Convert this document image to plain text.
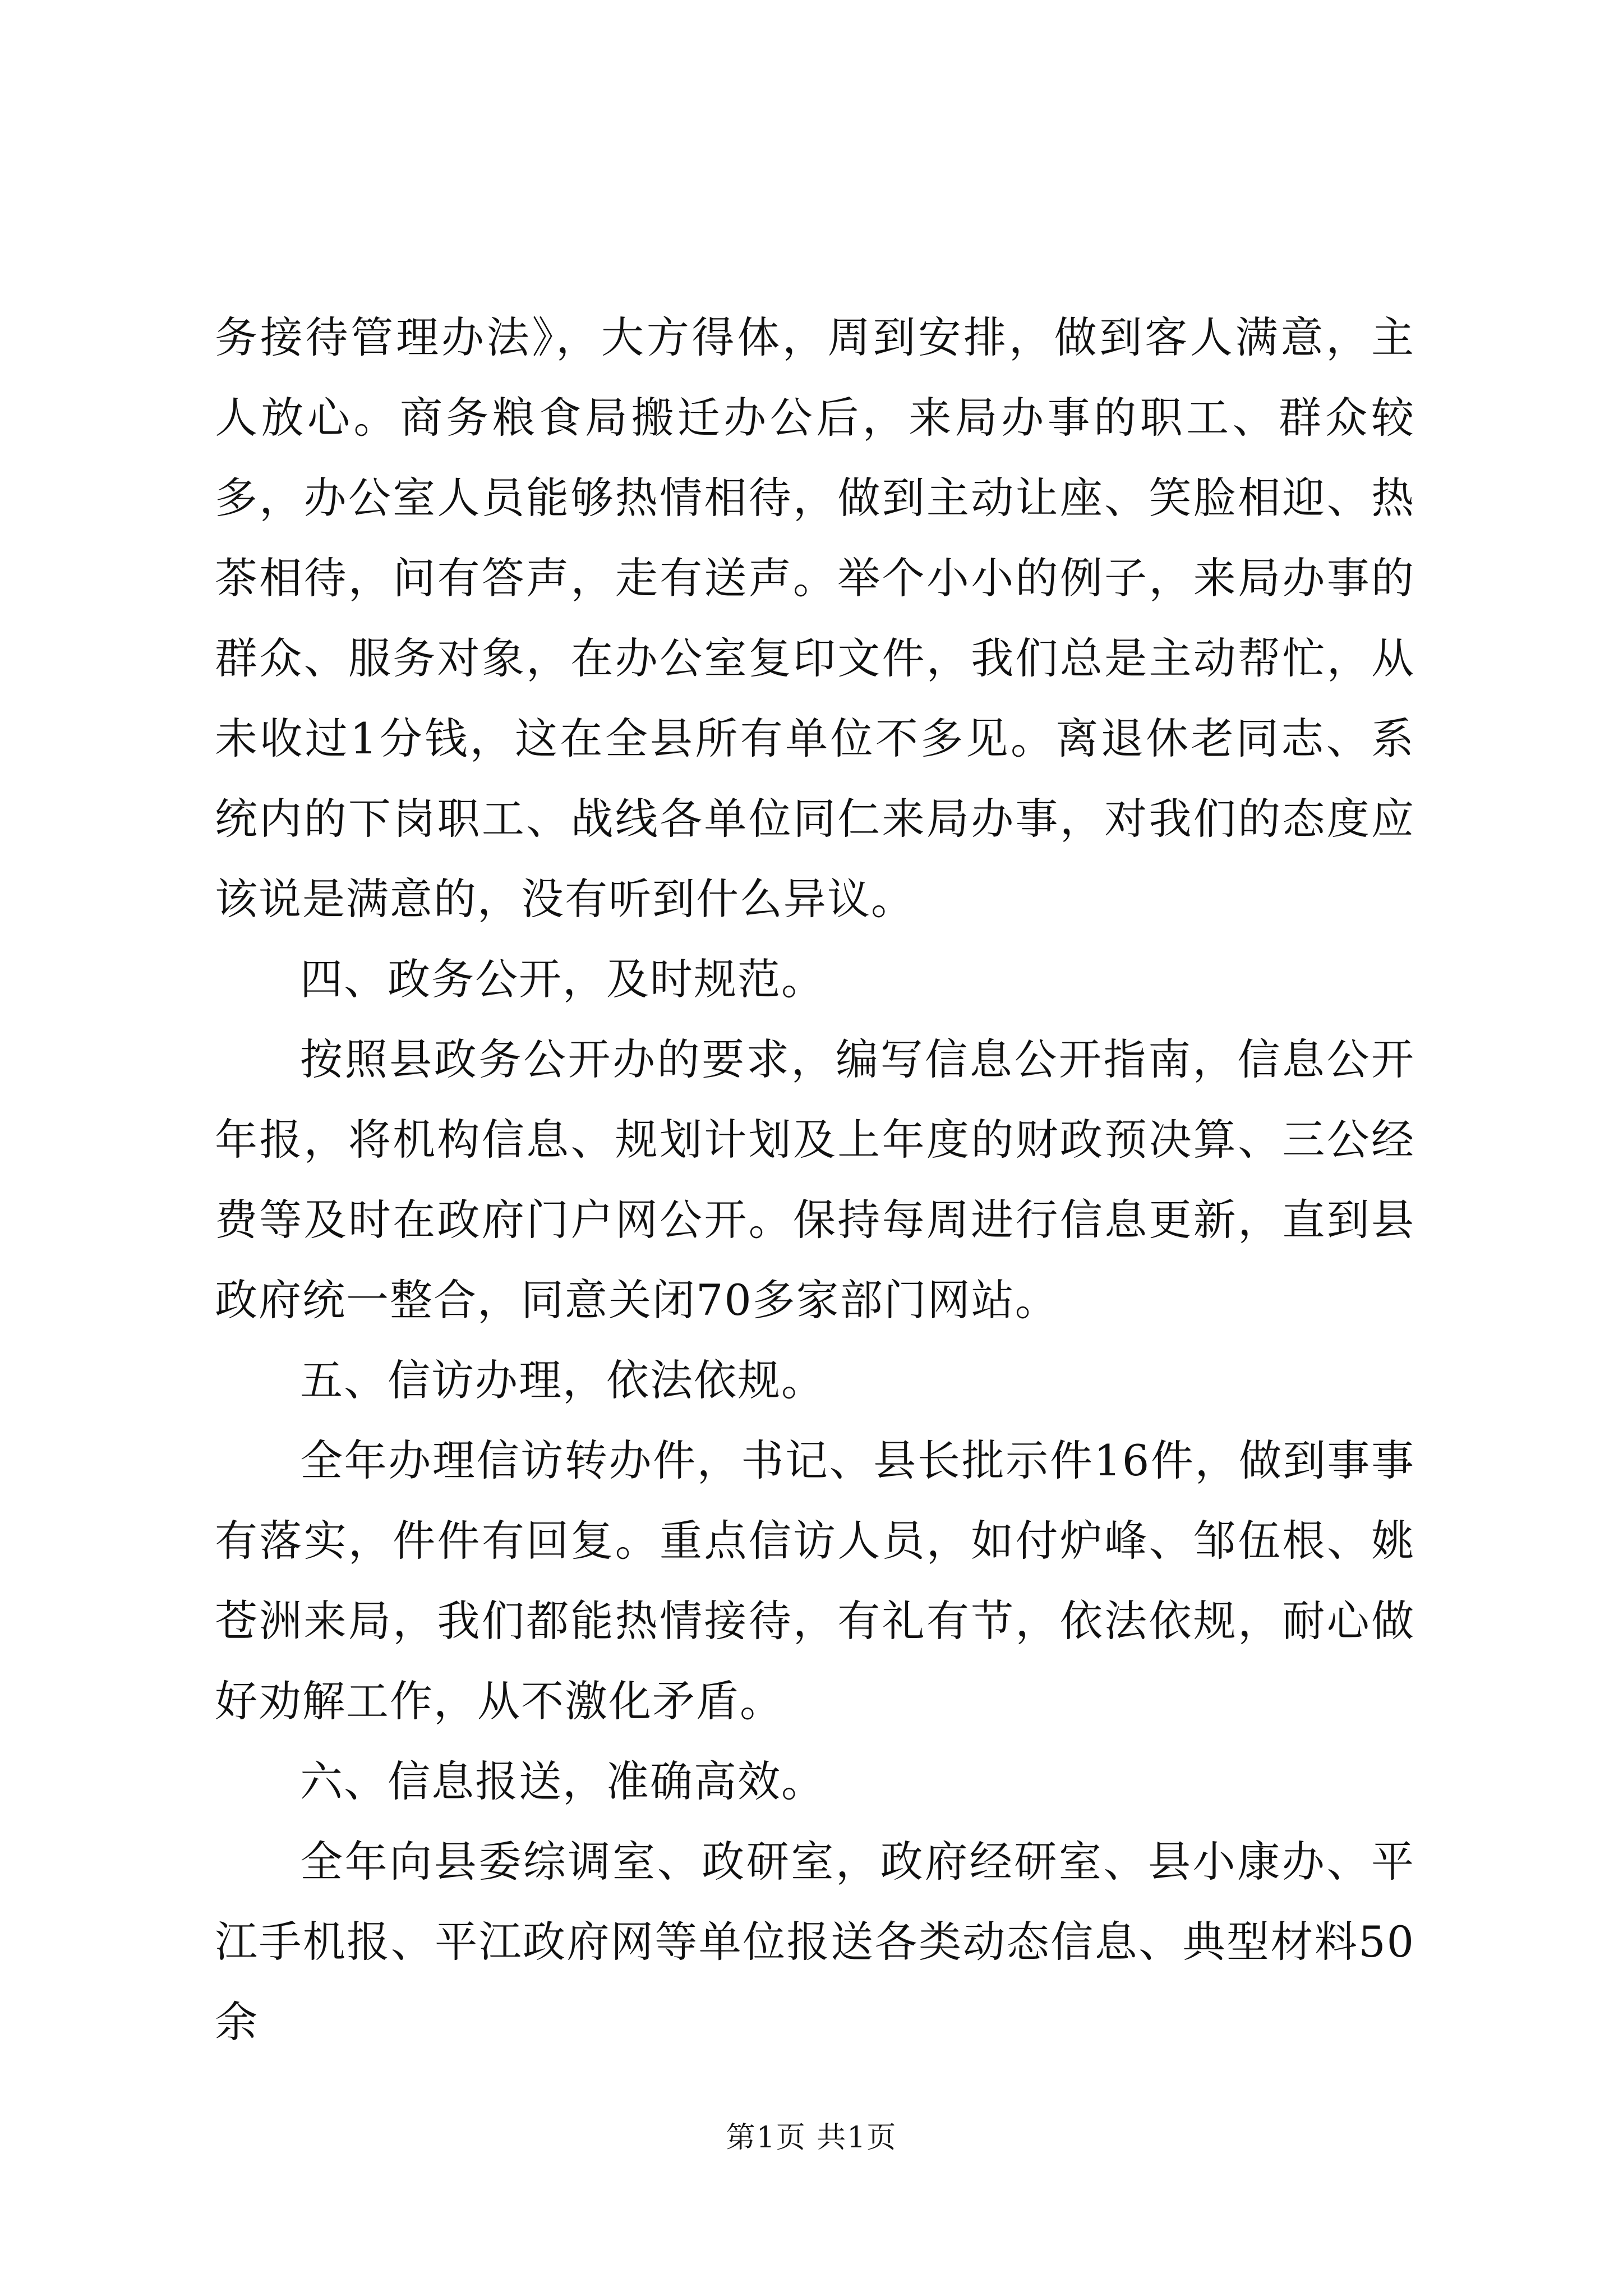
务接待管理办法》，大方得体，周到安排，做到客人满意，主人放心。商务粮食局搬迁办公后，来局办事的职工、群众较多，办公室人员能够热情相待，做到主动让座、笑脸相迎、热茶相待，问有答声，走有送声。举个小小的例子，来局办事的群众、服务对象，在办公室复印文件，我们总是主动帮忙，从未收过1分钱，这在全县所有单位不多见。离退休老同志、系统内的下岗职工、战线各单位同仁来局办事，对我们的态度应该说是满意的，没有听到什么异议。

四、政务公开，及时规范。

按照县政务公开办的要求，编写信息公开指南，信息公开年报，将机构信息、规划计划及上年度的财政预决算、三公经费等及时在政府门户网公开。保持每周进行信息更新，直到县政府统一整合，同意关闭70多家部门网站。

五、信访办理，依法依规。

全年办理信访转办件，书记、县长批示件16件，做到事事有落实，件件有回复。重点信访人员，如付炉峰、邹伍根、姚苍洲来局，我们都能热情接待，有礼有节，依法依规，耐心做好劝解工作，从不激化矛盾。

六、信息报送，准确高效。

全年向县委综调室、政研室，政府经研室、县小康办、平江手机报、平江政府网等单位报送各类动态信息、典型材料50余

第1页 共1页
